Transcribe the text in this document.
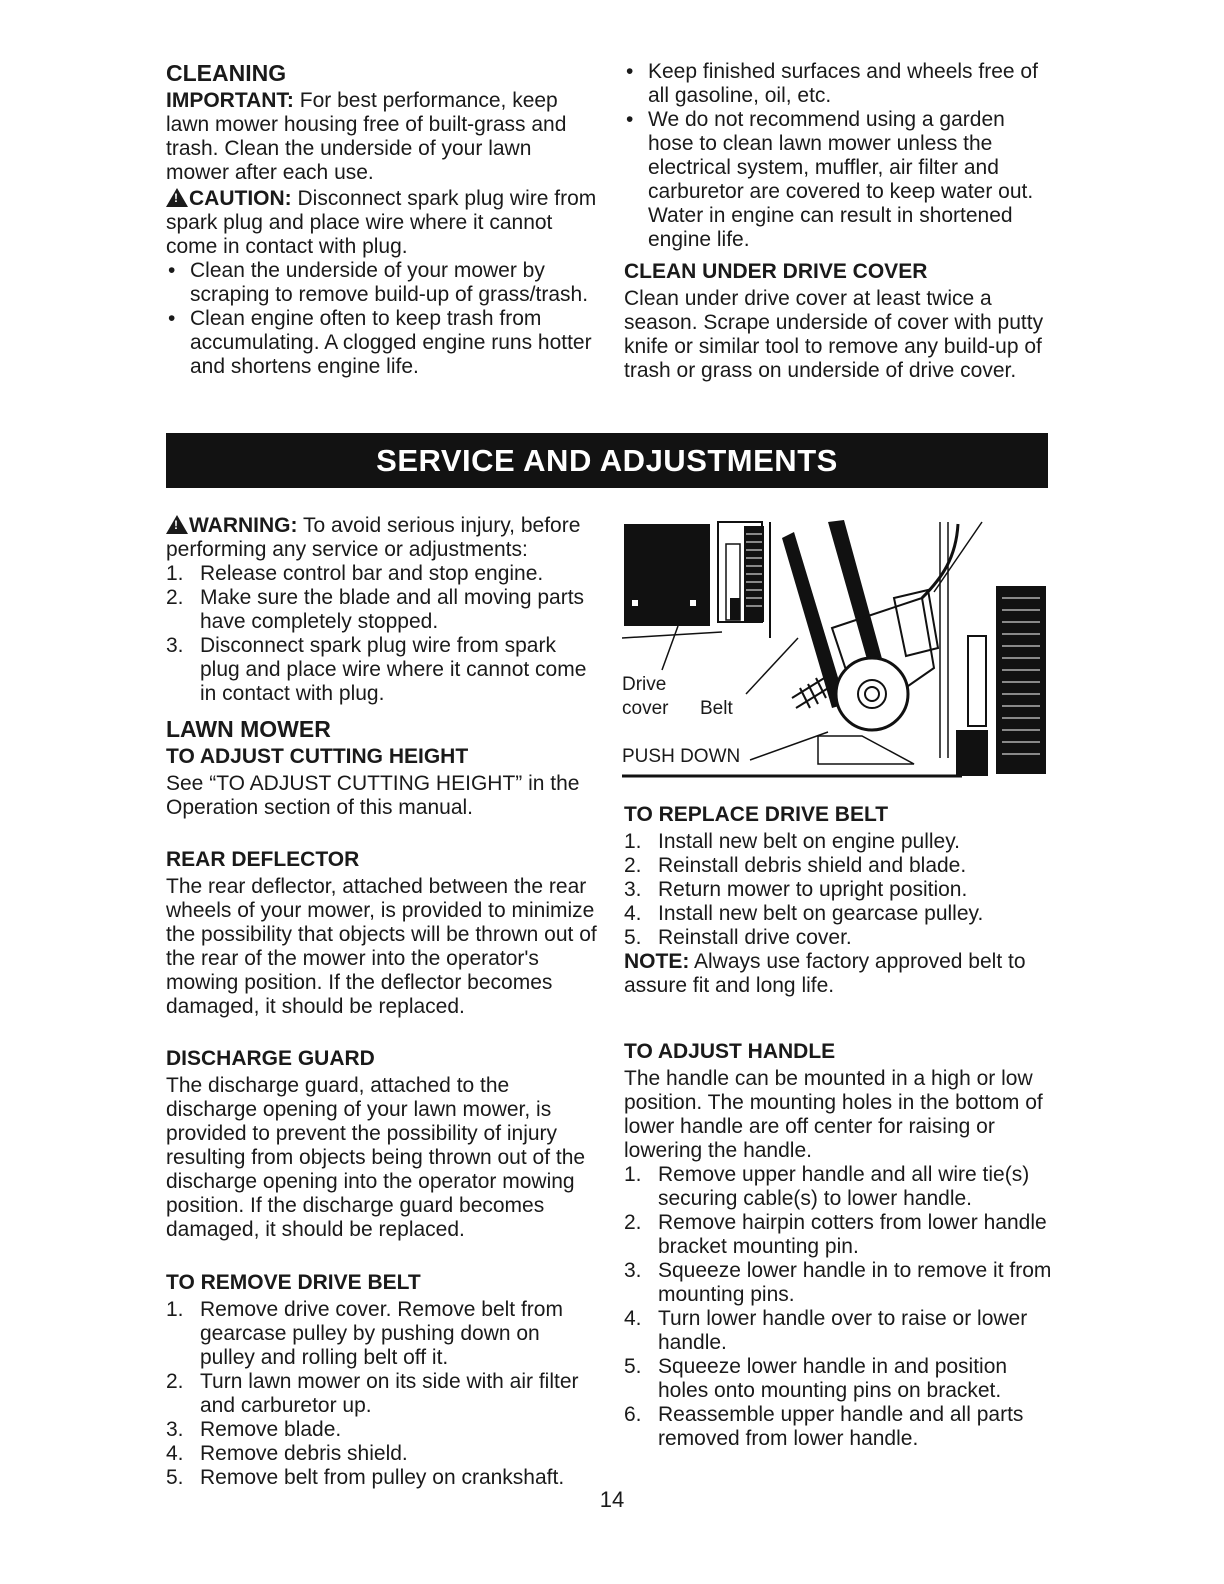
CLEANING

IMPORTANT: For best performance, keep lawn mower housing free of built-grass and trash. Clean the underside of your lawn mower after each use.

!CAUTION: Disconnect spark plug wire from spark plug and place wire where it cannot come in contact with plug.

• Clean the underside of your mower by scraping to remove build-up of grass/trash.
• Clean engine often to keep trash from accumulating. A clogged engine runs hotter and shortens engine life.
• Keep finished surfaces and wheels free of all gasoline, oil, etc.
• We do not recommend using a garden hose to clean lawn mower unless the electrical system, muffler, air filter and carburetor are covered to keep water out. Water in engine can result in shortened engine life.
CLEAN UNDER DRIVE COVER

Clean under drive cover at least twice a season. Scrape underside of cover with putty knife or similar tool to remove any build-up of trash or grass on underside of drive cover.

SERVICE AND ADJUSTMENTS

!WARNING: To avoid serious injury, before performing any service or adjustments:

1. Release control bar and stop engine.
2. Make sure the blade and all moving parts have completely stopped.
3. Disconnect spark plug wire from spark plug and place wire where it cannot come in contact with plug.
LAWN MOWER
TO ADJUST CUTTING HEIGHT

See “TO ADJUST CUTTING HEIGHT” in the Operation section of this manual.

REAR DEFLECTOR

The rear deflector, attached between the rear wheels of your mower, is provided to minimize the possibility that objects will be thrown out of the rear of the mower into the operator's mowing position. If the deflector becomes damaged, it should be replaced.

DISCHARGE GUARD

The discharge guard, attached to the discharge opening of your lawn mower, is provided to prevent the possibility of injury resulting from objects being thrown out of the discharge opening into the operator mowing position. If the discharge guard becomes damaged, it should be replaced.

TO REMOVE DRIVE BELT
1. Remove drive cover. Remove belt from gearcase pulley by pushing down on pulley and rolling belt off it.
2. Turn lawn mower on its side with air filter and carburetor up.
3. Remove blade.
4. Remove debris shield.
5. Remove belt from pulley on crankshaft.
Drive
cover Belt
PUSH DOWN
TO REPLACE DRIVE BELT
1. Install new belt on engine pulley.
2. Reinstall debris shield and blade.
3. Return mower to upright position.
4. Install new belt on gearcase pulley.
5. Reinstall drive cover.

NOTE: Always use factory approved belt to assure fit and long life.

TO ADJUST HANDLE

The handle can be mounted in a high or low position. The mounting holes in the bottom of lower handle are off center for raising or lowering the handle.

1. Remove upper handle and all wire tie(s) securing cable(s) to lower handle.
2. Remove hairpin cotters from lower handle bracket mounting pin.
3. Squeeze lower handle in to remove it from mounting pins.
4. Turn lower handle over to raise or lower handle.
5. Squeeze lower handle in and position holes onto mounting pins on bracket.
6. Reassemble upper handle and all parts removed from lower handle.
14
